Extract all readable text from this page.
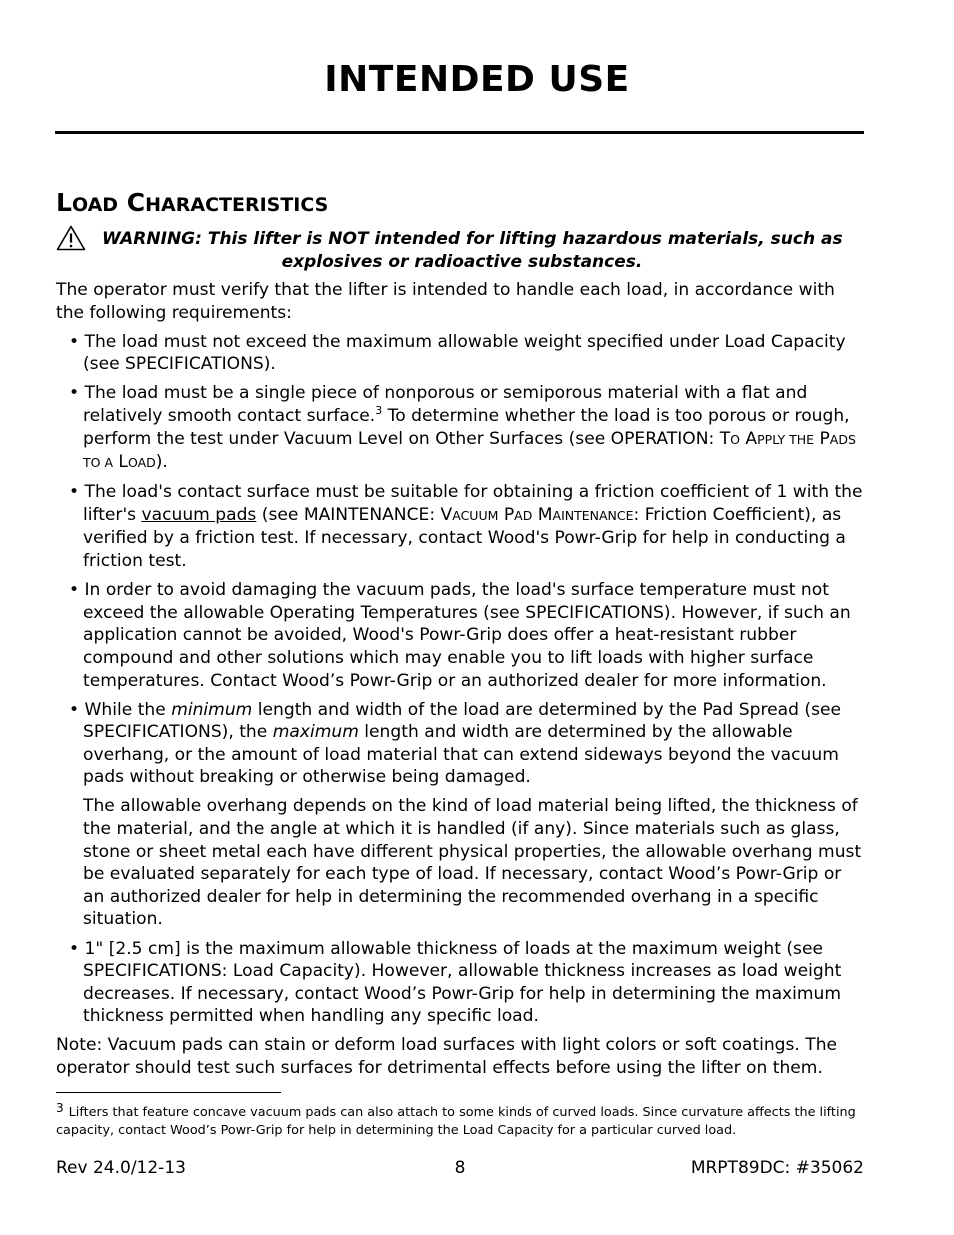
INTENDED USE
LOAD CHARACTERISTICS
WARNING: This lifter is NOT intended for lifting hazardous materials, such as
explosives or radioactive substances.

The operator must verify that the lifter is intended to handle each load, in accordance with the following requirements:

• The load must not exceed the maximum allowable weight specified under Load Capacity (see SPECIFICATIONS).

• The load must be a single piece of nonporous or semiporous material with a flat and relatively smooth contact surface.$^3$ To determine whether the load is too porous or rough, perform the test under Vacuum Level on Other Surfaces (see OPERATION: TO APPLY THE PADS TO A LOAD).

• The load's contact surface must be suitable for obtaining a friction coefficient of 1 with the lifter's vacuum pads (see MAINTENANCE: VACUUM PAD MAINTENANCE: Friction Coefficient), as verified by a friction test. If necessary, contact Wood's Powr-Grip for help in conducting a friction test.

• In order to avoid damaging the vacuum pads, the load's surface temperature must not exceed the allowable Operating Temperatures (see SPECIFICATIONS). However, if such an application cannot be avoided, Wood's Powr-Grip does offer a heat-resistant rubber compound and other solutions which may enable you to lift loads with higher surface temperatures. Contact Wood’s Powr-Grip or an authorized dealer for more information.

• While the minimum length and width of the load are determined by the Pad Spread (see SPECIFICATIONS), the maximum length and width are determined by the allowable overhang, or the amount of load material that can extend sideways beyond the vacuum pads without breaking or otherwise being damaged.

The allowable overhang depends on the kind of load material being lifted, the thickness of the material, and the angle at which it is handled (if any). Since materials such as glass, stone or sheet metal each have different physical properties, the allowable overhang must be evaluated separately for each type of load. If necessary, contact Wood’s Powr-Grip or an authorized dealer for help in determining the recommended overhang in a specific situation.

• 1" [2.5 cm] is the maximum allowable thickness of loads at the maximum weight (see SPECIFICATIONS: Load Capacity). However, allowable thickness increases as load weight decreases. If necessary, contact Wood’s Powr-Grip for help in determining the maximum thickness permitted when handling any specific load.

Note: Vacuum pads can stain or deform load surfaces with light colors or soft coatings. The operator should test such surfaces for detrimental effects before using the lifter on them.

$^3$ Lifters that feature concave vacuum pads can also attach to some kinds of curved loads. Since curvature affects the lifting capacity, contact Wood’s Powr-Grip for help in determining the Load Capacity for a particular curved load.
Rev 24.0/12-13	8	MRPT89DC: #35062
